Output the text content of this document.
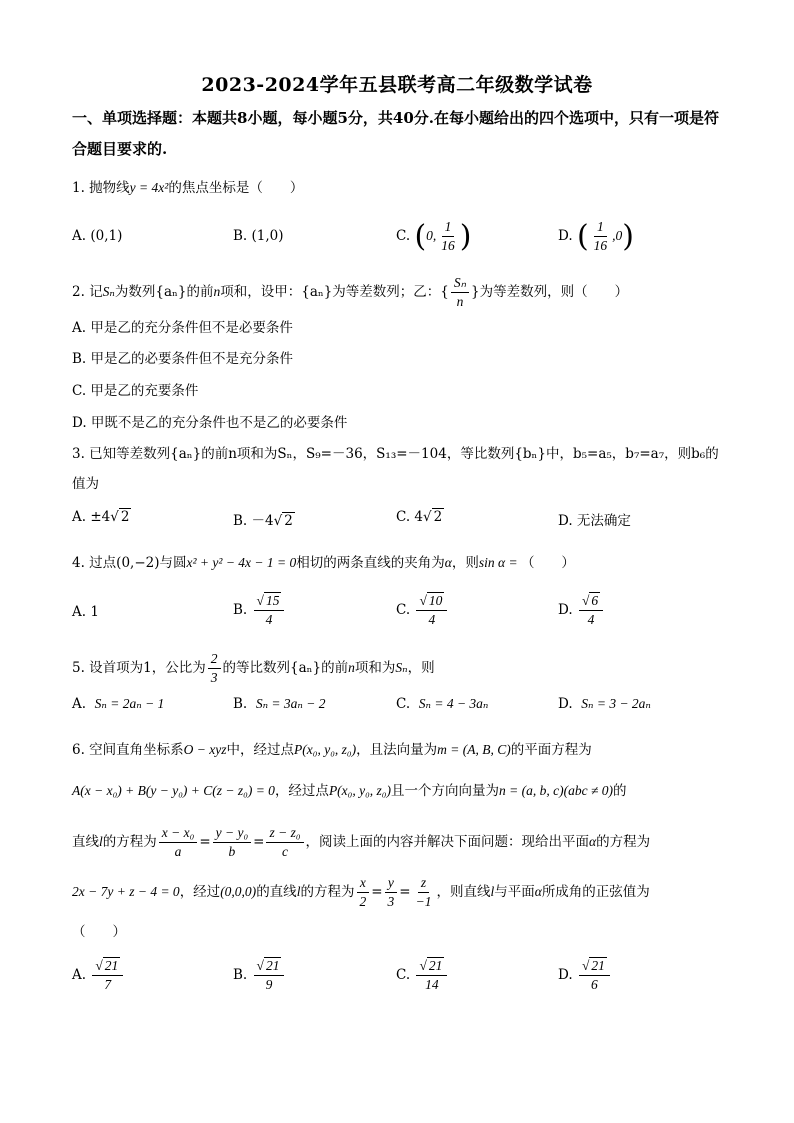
2023-2024学年五县联考高二年级数学试卷
一、单项选择题：本题共8小题，每小题5分，共40分.在每小题给出的四个选项中，只有一项是符合题目要求的.
1. 抛物线y = 4x²的焦点坐标是（　　）
A. (0,1)	B. (1,0)	C. (0, $\frac{1}{16}$ )	D. ( $\frac{1}{16} ,0$)
2. 记Sₙ为数列{aₙ}的前n项和，设甲：{aₙ}为等差数列；乙：{ $\frac{\text{Sₙ}}{n}$ }为等差数列，则（　　）
A. 甲是乙的充分条件但不是必要条件
B. 甲是乙的必要条件但不是充分条件
C. 甲是乙的充要条件
D. 甲既不是乙的充分条件也不是乙的必要条件
3. 已知等差数列{aₙ}的前n项和为Sₙ，S₉=－36，S₁₃=－104，等比数列{bₙ}中，b₅=a₅，b₇=a₇，则b₆的
值为
A. ±4√ 2	B. －4√ 2	C. 4√ 2	D. 无法确定
4. 过点(0,−2)与圆x² + y² − 4x − 1 = 0相切的两条直线的夹角为α，则sin α = （　　）
A. 1	B. $\frac{√ 15}{4}$	C. $\frac{√ 10}{4}$	D. $\frac{√ 6}{4}$
5. 设首项为1，公比为 $\frac{2}{3}$ 的等比数列{aₙ}的前n项和为Sₙ，则
A. Sₙ = 2aₙ − 1	B. Sₙ = 3aₙ − 2	C. Sₙ = 4 − 3aₙ	D. Sₙ = 3 − 2aₙ
6. 空间直角坐标系O − xyz中，经过点P(x₀, y₀, z₀)，且法向量为m = (A, B, C)的平面方程为
A(x − x₀) + B(y − y₀) + C(z − z₀) = 0，经过点P(x₀, y₀, z₀)且一个方向向量为n = (a, b, c)(abc ≠ 0)的
直线l的方程为 $\frac{\text{x − x₀}}{a} = \frac{\text{y − y₀}}{b} = \frac{\text{z − z₀}}{c}$ ，阅读上面的内容并解决下面问题：现给出平面α的方程为
2x − 7y + z − 4 = 0，经过(0,0,0)的直线l的方程为 $\frac{x}{2} = \frac{y}{3} = \frac{z}{-1}$ ，则直线l与平面α所成角的正弦值为
（　　）
A. $\frac{√ 21}{7}$	B. $\frac{√ 21}{9}$	C. $\frac{√ 21}{14}$	D. $\frac{√ 21}{6}$
